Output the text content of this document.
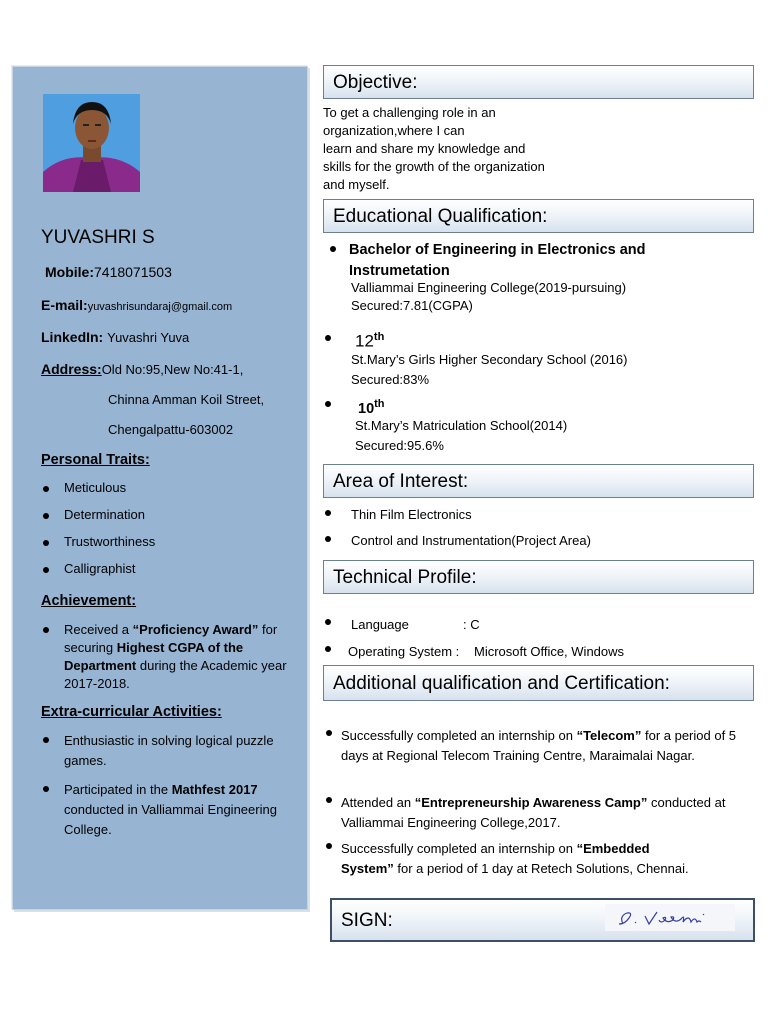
YUVASHRI S
Mobile:7418071503
E-mail:yuvashrisundaraj@gmail.com
LinkedIn: Yuvashri Yuva
Address:Old No:95,New No:41-1,
Chinna Amman Koil Street,
Chengalpattu-603002
Personal Traits:
Meticulous
Determination
Trustworthiness
Calligraphist
Achievement:
Received a “Proficiency Award” for securing Highest CGPA of the Department during the Academic year 2017-2018.
Extra-curricular Activities:
Enthusiastic in solving logical puzzle games.
Participated in the Mathfest 2017 conducted in Valliammai Engineering College.
Objective:
To get a challenging role in an
organization,where I can
learn and share my knowledge and
skills for the growth of the organization
and myself.
Educational Qualification:
Bachelor of Engineering in Electronics and
Instrumetation
Valliammai Engineering College(2019-pursuing)
Secured:7.81(CGPA)
12th
St.Mary’s Girls Higher Secondary School (2016)
Secured:83%
10th
St.Mary’s Matriculation School(2014)
Secured:95.6%
Area of Interest:
Thin Film Electronics
Control and Instrumentation(Project Area)
Technical Profile:
Language	: C
Operating System : Microsoft Office, Windows
Additional qualification and Certification:
Successfully completed an internship on “Telecom” for a period of 5 days at Regional Telecom Training Centre, Maraimalai Nagar.
Attended an “Entrepreneurship Awareness Camp” conducted at Valliammai Engineering College,2017.
Successfully completed an internship on “Embedded System” for a period of 1 day at Retech Solutions, Chennai.
SIGN:
